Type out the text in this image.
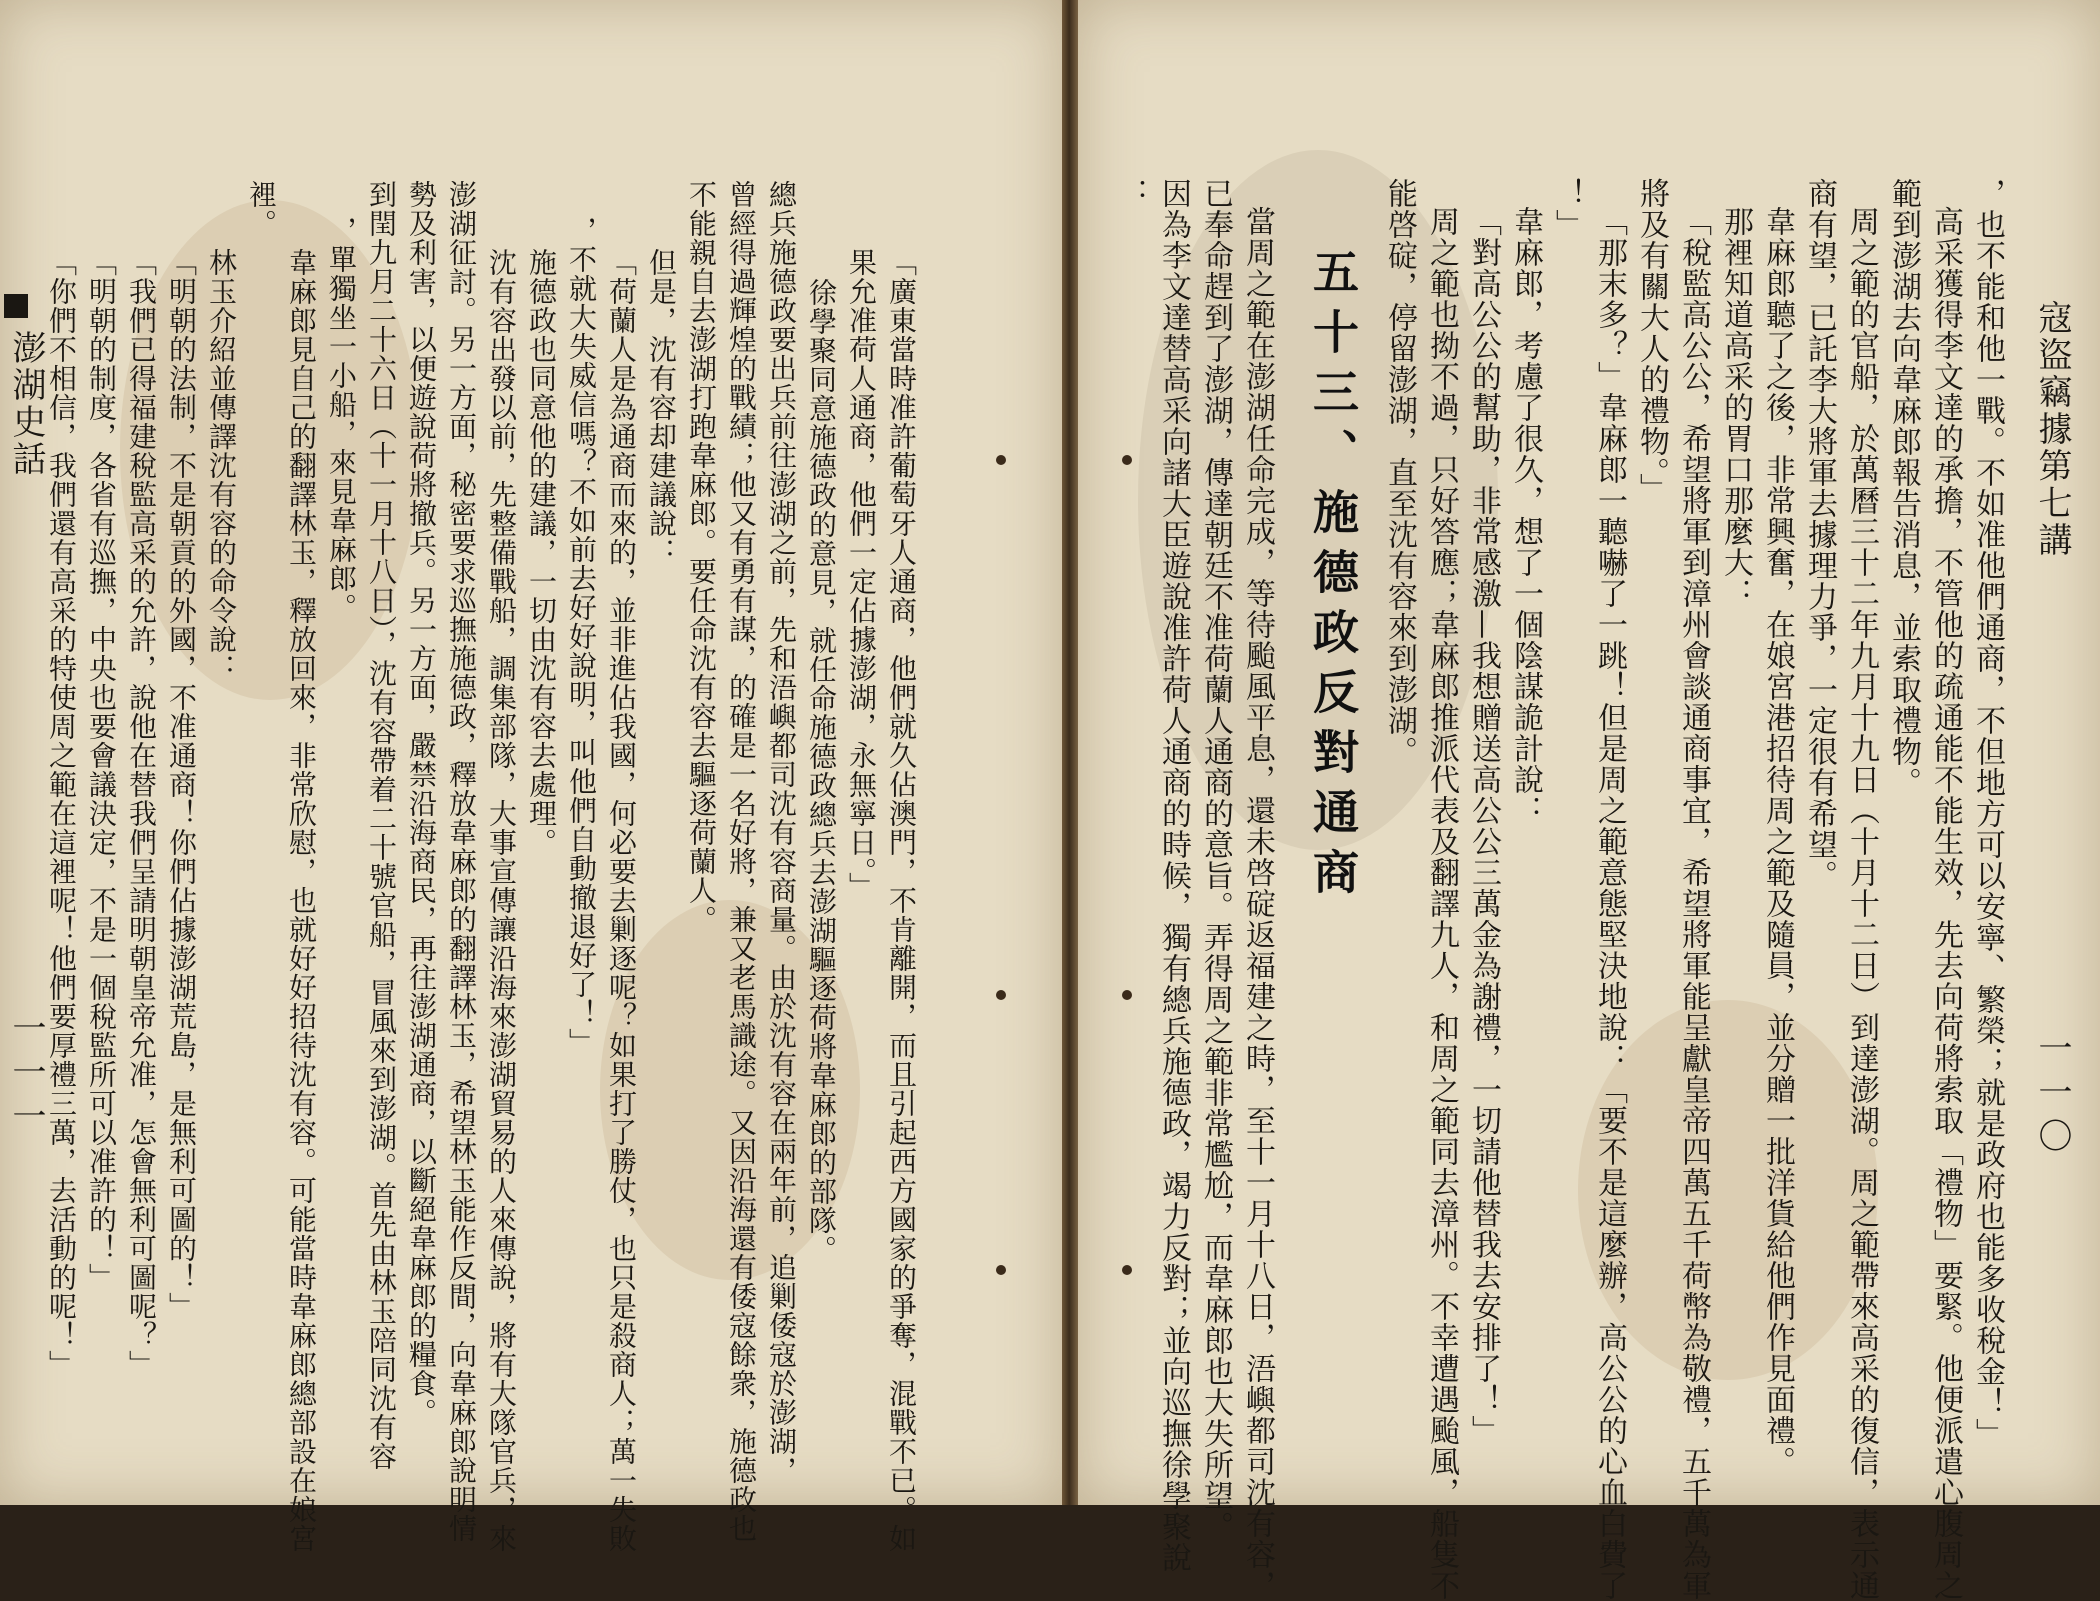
「廣東當時准許葡萄牙人通商，他們就久佔澳門，不肯離開，而且引起西方國家的爭奪，混戰不已。如
果允准荷人通商，他們一定佔據澎湖，永無寧日。」
徐學聚同意施德政的意見，就任命施德政總兵去澎湖驅逐荷將韋麻郎的部隊。
總兵施德政要出兵前往澎湖之前，先和浯嶼都司沈有容商量。由於沈有容在兩年前，追剿倭寇於澎湖，
曾經得過輝煌的戰績；他又有勇有謀，的確是一名好將，兼又老馬識途。又因沿海還有倭寇餘衆，施德政也
不能親自去澎湖打跑韋麻郎。要任命沈有容去驅逐荷蘭人。
但是，沈有容却建議說：
「荷蘭人是為通商而來的，並非進佔我國，何必要去剿逐呢？如果打了勝仗，也只是殺商人；萬一失敗
，不就大失威信嗎？不如前去好好說明，叫他們自動撤退好了！」
施德政也同意他的建議，一切由沈有容去處理。
沈有容出發以前，先整備戰船，調集部隊，大事宣傳讓沿海來澎湖貿易的人來傳說，將有大隊官兵，來
澎湖征討。另一方面，秘密要求巡撫施德政，釋放韋麻郎的翻譯林玉，希望林玉能作反間，向韋麻郎說明情
勢及利害，以便遊說荷將撤兵。另一方面，嚴禁沿海商民，再往澎湖通商，以斷絕韋麻郎的糧食。
到閏九月二十六日（十一月十八日），沈有容帶着二十號官船，冒風來到澎湖。首先由林玉陪同沈有容
，單獨坐一小船，來見韋麻郎。
韋麻郎見自己的翻譯林玉，釋放回來，非常欣慰，也就好好招待沈有容。可能當時韋麻郎總部設在娘宮
裡。
林玉介紹並傳譯沈有容的命令說：
「明朝的法制，不是朝貢的外國，不准通商！你們佔據澎湖荒島，是無利可圖的！」
「我們已得福建稅監高采的允許，說他在替我們呈請明朝皇帝允准，怎會無利可圖呢？」
「明朝的制度，各省有巡撫，中央也要會議決定，不是一個稅監所可以准許的！」
「你們不相信，我們還有高采的特使周之範在這裡呢！他們要厚禮三萬，去活動的呢！」
澎湖史話
一一一
寇盜竊據第七講
一一〇
，也不能和他一戰。不如准他們通商，不但地方可以安寧、繁榮；就是政府也能多收稅金！」
高采獲得李文達的承擔，不管他的疏通能不能生效，先去向荷將索取「禮物」要緊。他便派遣心腹周之
範到澎湖去向韋麻郎報告消息，並索取禮物。
周之範的官船，於萬曆三十二年九月十九日（十月十二日）到達澎湖。周之範帶來高采的復信，表示通
商有望，已託李大將軍去據理力爭，一定很有希望。
韋麻郎聽了之後，非常興奮，在娘宮港招待周之範及隨員，並分贈一批洋貨給他們作見面禮。
那裡知道高采的胃口那麼大：
「稅監高公公，希望將軍到漳州會談通商事宜，希望將軍能呈獻皇帝四萬五千荷幣為敬禮，五千萬為軍
將及有關大人的禮物。」
「那末多？」韋麻郎一聽嚇了一跳！但是周之範意態堅決地說：「要不是這麼辦，高公公的心血白費了
！」
韋麻郎，考慮了很久，想了一個陰謀詭計說：
「對高公公的幫助，非常感激—我想贈送高公公三萬金為謝禮，一切請他替我去安排了！」
周之範也拗不過，只好答應；韋麻郎推派代表及翻譯九人，和周之範同去漳州。不幸遭遇颱風，船隻不
能啓碇，停留澎湖，直至沈有容來到澎湖。
五十三、施德政反對通商
當周之範在澎湖任命完成，等待颱風平息，還未啓碇返福建之時，至十一月十八日，浯嶼都司沈有容，
已奉命趕到了澎湖，傳達朝廷不准荷蘭人通商的意旨。弄得周之範非常尷尬，而韋麻郎也大失所望。
因為李文達替高采向諸大臣遊說准許荷人通商的時候，獨有總兵施德政，竭力反對；並向巡撫徐學聚說
：
